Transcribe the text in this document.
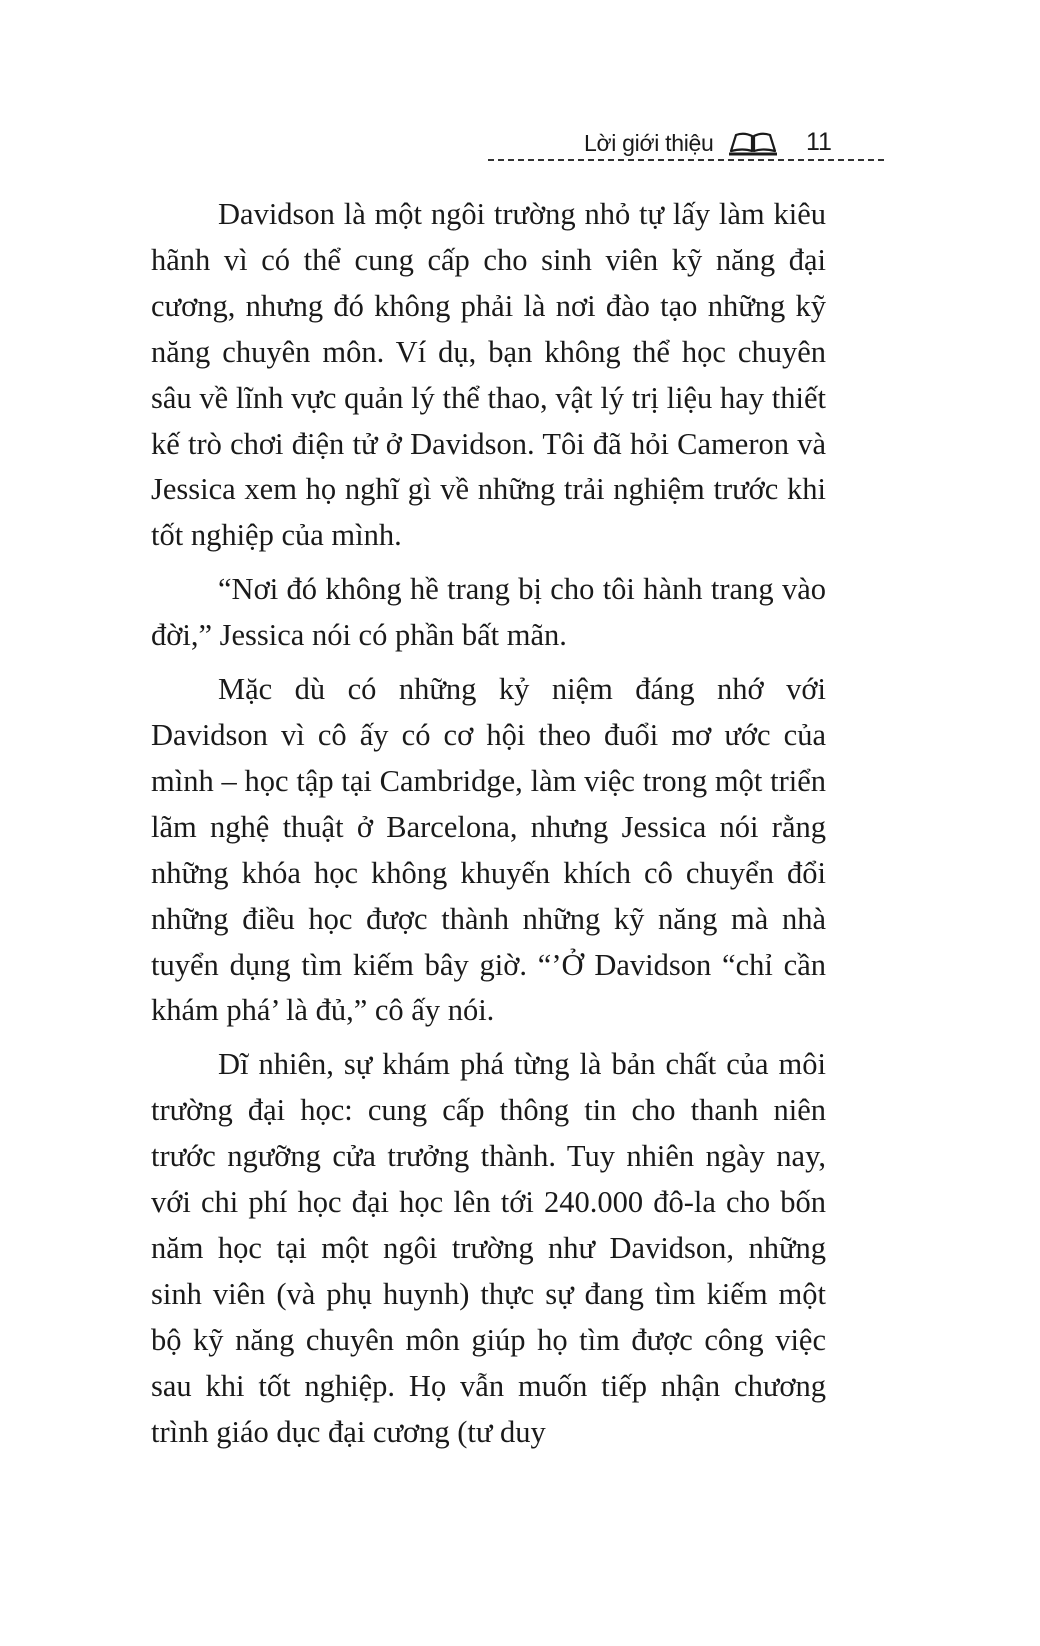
Lời giới thiệu	11

Davidson là một ngôi trường nhỏ tự lấy làm kiêu hãnh vì có thể cung cấp cho sinh viên kỹ năng đại cương, nhưng đó không phải là nơi đào tạo những kỹ năng chuyên môn. Ví dụ, bạn không thể học chuyên sâu về lĩnh vực quản lý thể thao, vật lý trị liệu hay thiết kế trò chơi điện tử ở Davidson. Tôi đã hỏi Cameron và Jessica xem họ nghĩ gì về những trải nghiệm trước khi tốt nghiệp của mình.

“Nơi đó không hề trang bị cho tôi hành trang vào đời,” Jessica nói có phần bất mãn.

Mặc dù có những kỷ niệm đáng nhớ với Davidson vì cô ấy có cơ hội theo đuổi mơ ước của mình – học tập tại Cambridge, làm việc trong một triển lãm nghệ thuật ở Barcelona, nhưng Jessica nói rằng những khóa học không khuyến khích cô chuyển đổi những điều học được thành những kỹ năng mà nhà tuyển dụng tìm kiếm bây giờ. “’Ở Davidson “chỉ cần khám phá’ là đủ,” cô ấy nói.

Dĩ nhiên, sự khám phá từng là bản chất của môi trường đại học: cung cấp thông tin cho thanh niên trước ngưỡng cửa trưởng thành. Tuy nhiên ngày nay, với chi phí học đại học lên tới 240.000 đô-la cho bốn năm học tại một ngôi trường như Davidson, những sinh viên (và phụ huynh) thực sự đang tìm kiếm một bộ kỹ năng chuyên môn giúp họ tìm được công việc sau khi tốt nghiệp. Họ vẫn muốn tiếp nhận chương trình giáo dục đại cương (tư duy
